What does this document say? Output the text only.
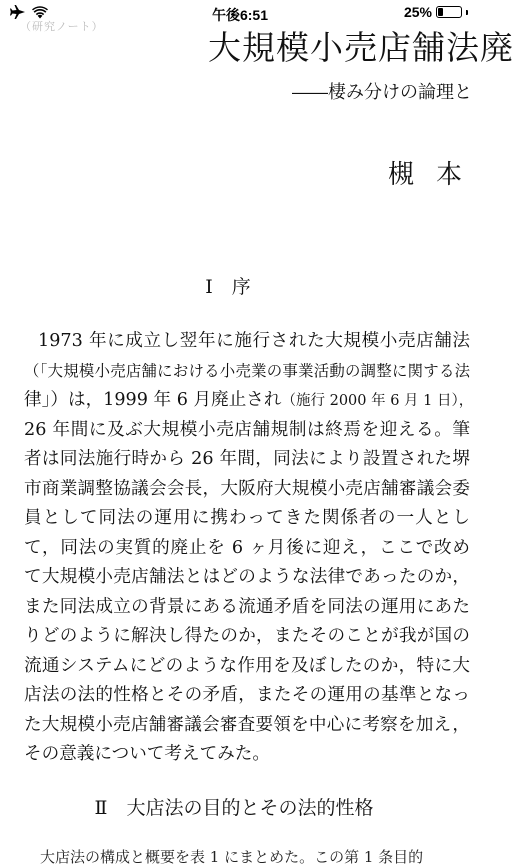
午後6:51	25%
（研究ノート）
大規模小売店舗法廃
――棲み分けの論理と
槻本
Ⅰ　序
1973 年に成立し翌年に施行された大規模小売店舗法
（「大規模小売店舗における小売業の事業活動の調整に関する法
律」）は，1999 年 6 月廃止され（施行 2000 年 6 月 1 日），
26 年間に及ぶ大規模小売店舗規制は終焉を迎える。筆
者は同法施行時から 26 年間，同法により設置された堺
市商業調整協議会会長，大阪府大規模小売店舗審議会委
員として同法の運用に携わってきた関係者の一人とし
て，同法の実質的廃止を 6 ヶ月後に迎え，ここで改め
て大規模小売店舗法とはどのような法律であったのか，
また同法成立の背景にある流通矛盾を同法の運用にあた
りどのように解決し得たのか，またそのことが我が国の
流通システムにどのような作用を及ぼしたのか，特に大
店法の法的性格とその矛盾，またその運用の基準となっ
た大規模小売店舗審議会審査要領を中心に考察を加え，
その意義について考えてみた。
Ⅱ　大店法の目的とその法的性格
大店法の構成と概要を表 1 にまとめた。この第 1 条目的
